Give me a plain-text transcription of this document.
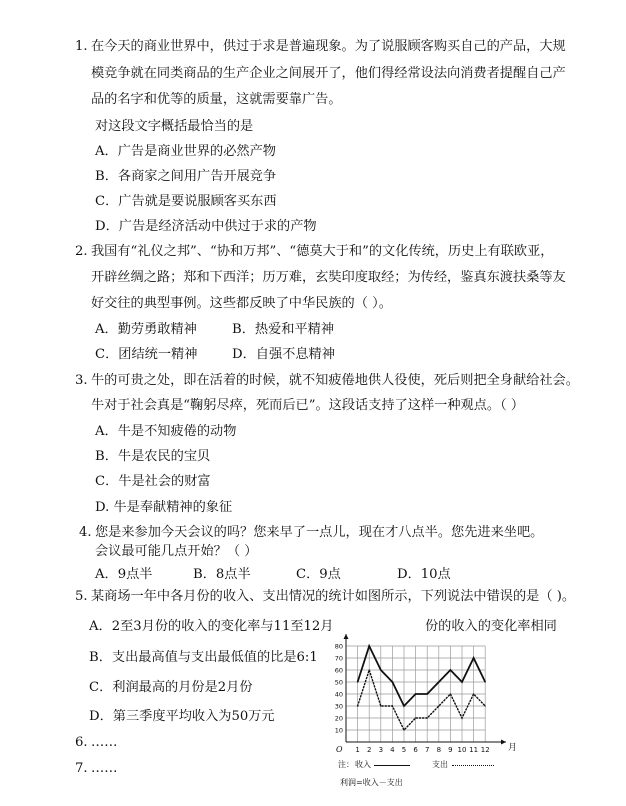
1. 在今天的商业世界中，供过于求是普遍现象。为了说服顾客购买自己的产品，大规
模竞争就在同类商品的生产企业之间展开了，他们得经常设法向消费者提醒自己产
品的名字和优等的质量，这就需要靠广告。
对这段文字概括最恰当的是
A．广告是商业世界的必然产物
B．各商家之间用广告开展竞争
C．广告就是要说服顾客买东西
D．广告是经济活动中供过于求的产物
2. 我国有“礼仪之邦”、“协和万邦”、“德莫大于和”的文化传统，历史上有联欧亚，
开辟丝绸之路；郑和下西洋；历万难，玄奘印度取经；为传经，鉴真东渡扶桑等友
好交往的典型事例。这些都反映了中华民族的（ ）。
A．勤劳勇敢精神	B．热爱和平精神
C．团结统一精神	D．自强不息精神
3. 牛的可贵之处，即在活着的时候，就不知疲倦地供人役使，死后则把全身献给社会。
牛对于社会真是“鞠躬尽瘁，死而后已”。这段话支持了这样一种观点。（ ）
A．牛是不知疲倦的动物
B．牛是农民的宝贝
C．牛是社会的财富
D. 牛是奉献精神的象征
4. 您是来参加今天会议的吗？您来早了一点儿，现在才八点半。您先进来坐吧。
会议最可能几点开始？（ ）
A．9点半	B．8点半	C．9点	D．10点
5. 某商场一年中各月份的收入、支出情况的统计如图所示，下列说法中错误的是（ )。
A．2至3月份的收入的变化率与11至12月	份的收入的变化率相同
B．支出最高值与支出最低值的比是6:1
C．利润最高的月份是2月份
D．第三季度平均收入为50万元
6. ……
7. ……
10
20
30
40
50
60
70
80
1 2 3 4 5 6 7 8 9 10 11 12
O	月
注： 收入	支出
利润=收入－支出
